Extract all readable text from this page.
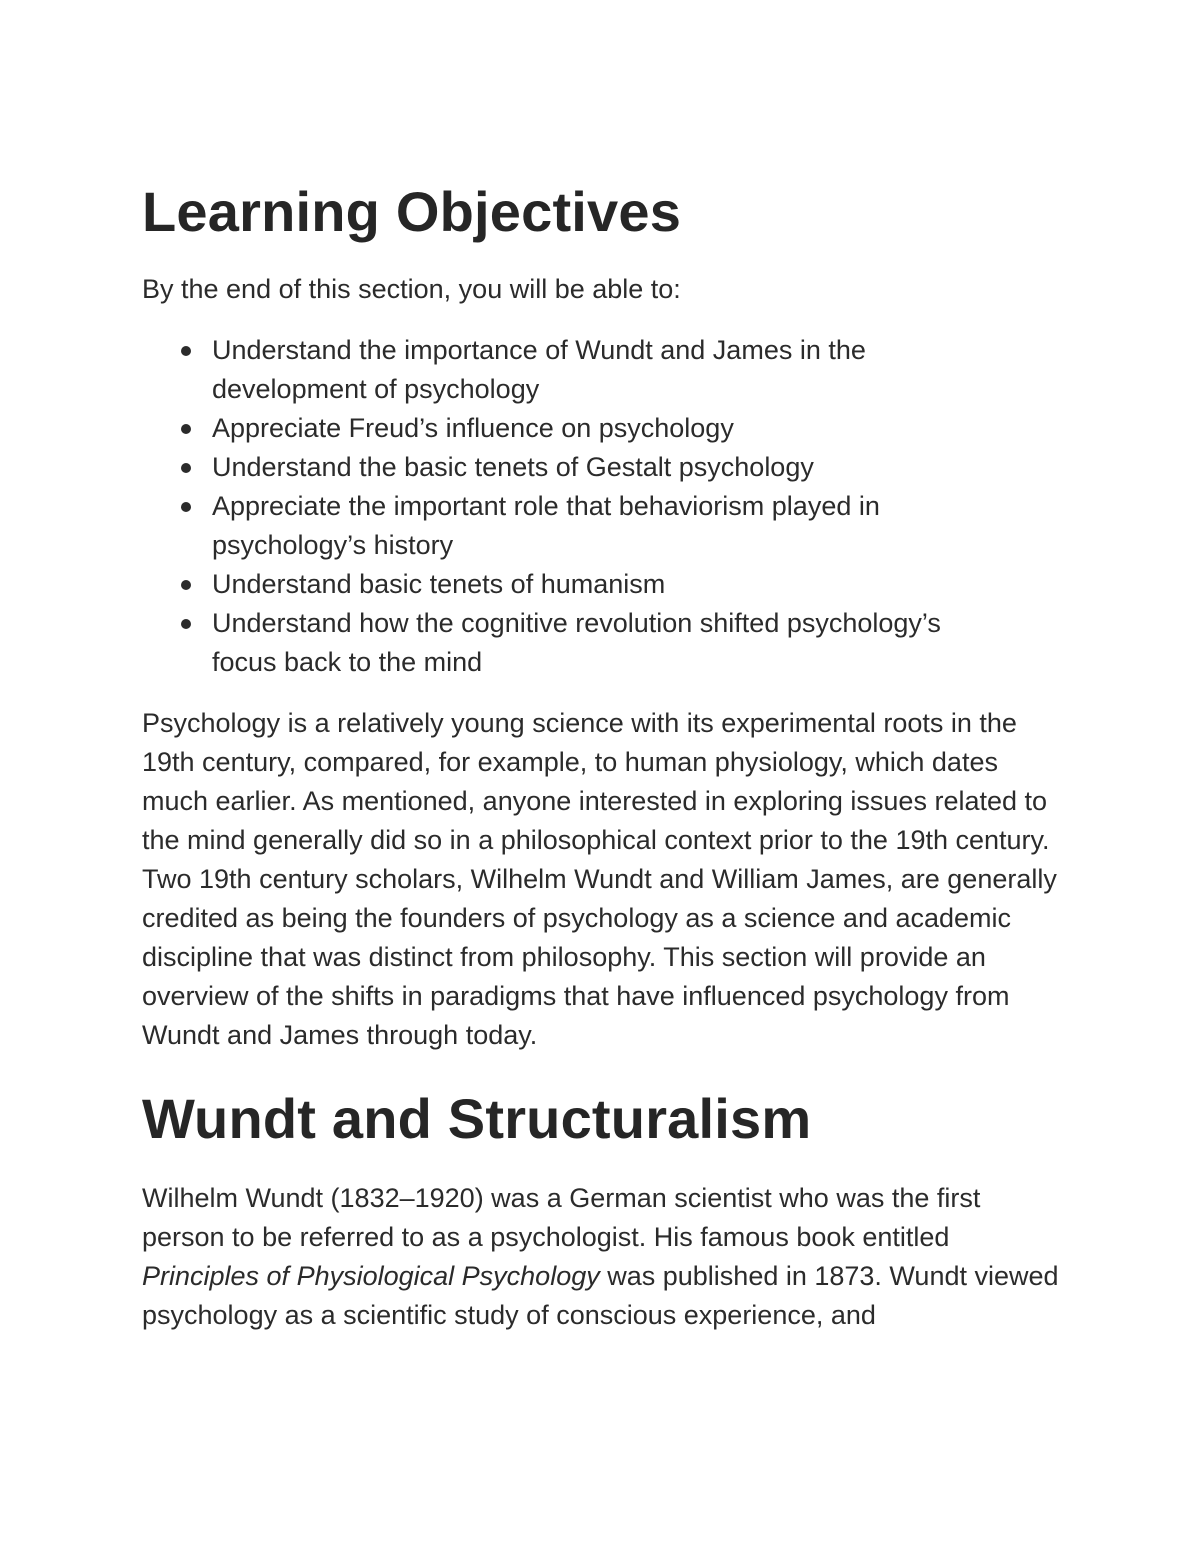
Learning Objectives

By the end of this section, you will be able to:

Understand the importance of Wundt and James in the development of psychology
Appreciate Freud’s influence on psychology
Understand the basic tenets of Gestalt psychology
Appreciate the important role that behaviorism played in psychology’s history
Understand basic tenets of humanism
Understand how the cognitive revolution shifted psychology’s focus back to the mind

Psychology is a relatively young science with its experimental roots in the 19th century, compared, for example, to human physiology, which dates much earlier. As mentioned, anyone interested in exploring issues related to the mind generally did so in a philosophical context prior to the 19th century. Two 19th century scholars, Wilhelm Wundt and William James, are generally credited as being the founders of psychology as a science and academic discipline that was distinct from philosophy. This section will provide an overview of the shifts in paradigms that have influenced psychology from Wundt and James through today.

Wundt and Structuralism

Wilhelm Wundt (1832–1920) was a German scientist who was the first person to be referred to as a psychologist. His famous book entitled Principles of Physiological Psychology was published in 1873. Wundt viewed psychology as a scientific study of conscious experience, and
